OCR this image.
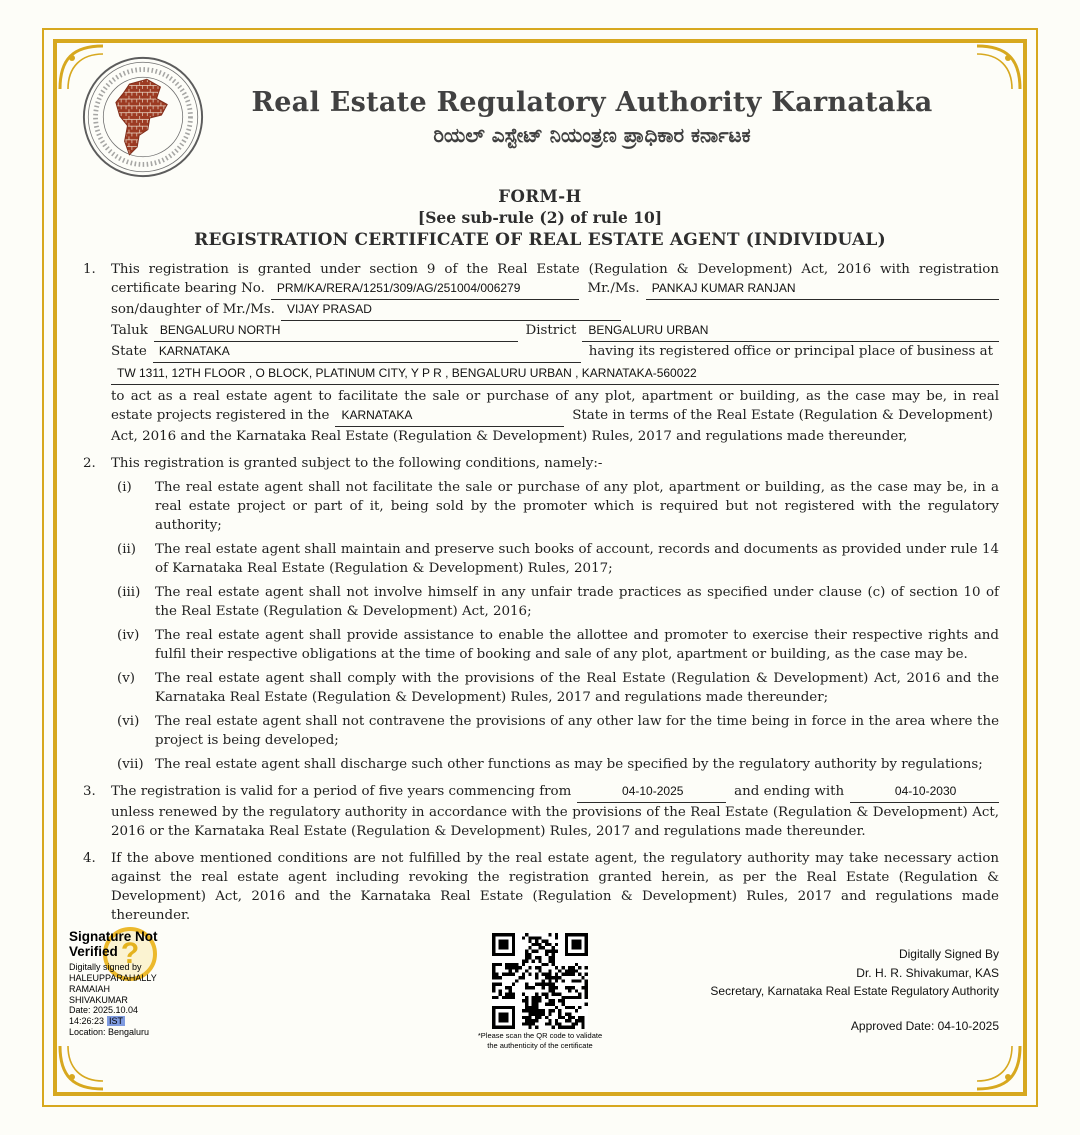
Real Estate Regulatory Authority Karnataka
ರಿಯಲ್ ಎಸ್ಟೇಟ್ ನಿಯಂತ್ರಣ ಪ್ರಾಧಿಕಾರ ಕರ್ನಾಟಕ
FORM-H
[See sub-rule (2) of rule 10]
REGISTRATION CERTIFICATE OF REAL ESTATE AGENT (INDIVIDUAL)
1.	This registration is granted under section 9 of the Real Estate (Regulation & Development) Act, 2016 with registration
certificate bearing No.	PRM/KA/RERA/1251/309/AG/251004/006279	Mr./Ms.	PANKAJ KUMAR RANJAN
son/daughter of Mr./Ms.	VIJAY PRASAD
Taluk	BENGALURU NORTH	District	BENGALURU URBAN
State	KARNATAKA	having its registered office or principal place of business at
TW 1311, 12TH FLOOR , O BLOCK, PLATINUM CITY, Y P R , BENGALURU URBAN , KARNATAKA-560022
to act as a real estate agent to facilitate the sale or purchase of any plot, apartment or building, as the case may be, in real
estate projects registered in the	KARNATAKA	State in terms of the Real Estate (Regulation & Development)
Act, 2016 and the Karnataka Real Estate (Regulation & Development) Rules, 2017 and regulations made thereunder,
2.	This registration is granted subject to the following conditions, namely:-
(i)	The real estate agent shall not facilitate the sale or purchase of any plot, apartment or building, as the case may be, in a real estate project or part of it, being sold by the promoter which is required but not registered with the regulatory authority;
(ii)	The real estate agent shall maintain and preserve such books of account, records and documents as provided under rule 14 of Karnataka Real Estate (Regulation & Development) Rules, 2017;
(iii)	The real estate agent shall not involve himself in any unfair trade practices as specified under clause (c) of section 10 of the Real Estate (Regulation & Development) Act, 2016;
(iv)	The real estate agent shall provide assistance to enable the allottee and promoter to exercise their respective rights and fulfil their respective obligations at the time of booking and sale of any plot, apartment or building, as the case may be.
(v)	The real estate agent shall comply with the provisions of the Real Estate (Regulation & Development) Act, 2016 and the Karnataka Real Estate (Regulation & Development) Rules, 2017 and regulations made thereunder;
(vi)	The real estate agent shall not contravene the provisions of any other law for the time being in force in the area where the project is being developed;
(vii) The real estate agent shall discharge such other functions as may be specified by the regulatory authority by regulations;
3.	The registration is valid for a period of five years commencing from	04-10-2025	and ending with	04-10-2030
unless renewed by the regulatory authority in accordance with the provisions of the Real Estate (Regulation & Development) Act, 2016 or the Karnataka Real Estate (Regulation & Development) Rules, 2017 and regulations made thereunder.
4.	If the above mentioned conditions are not fulfilled by the real estate agent, the regulatory authority may take necessary action against the real estate agent including revoking the registration granted herein, as per the Real Estate (Regulation & Development) Act, 2016 and the Karnataka Real Estate (Regulation & Development) Rules, 2017 and regulations made thereunder.
?
Signature Not
Verified
Digitally signed by
HALEUPPARAHALLY
RAMAIAH
SHIVAKUMAR
Date: 2025.10.04
14:26:23 IST
Location: Bengaluru	*Please scan the QR code to validate
the authenticity of the certificate
Digitally Signed By
Dr. H. R. Shivakumar, KAS
Secretary, Karnataka Real Estate Regulatory Authority
Approved Date: 04-10-2025
